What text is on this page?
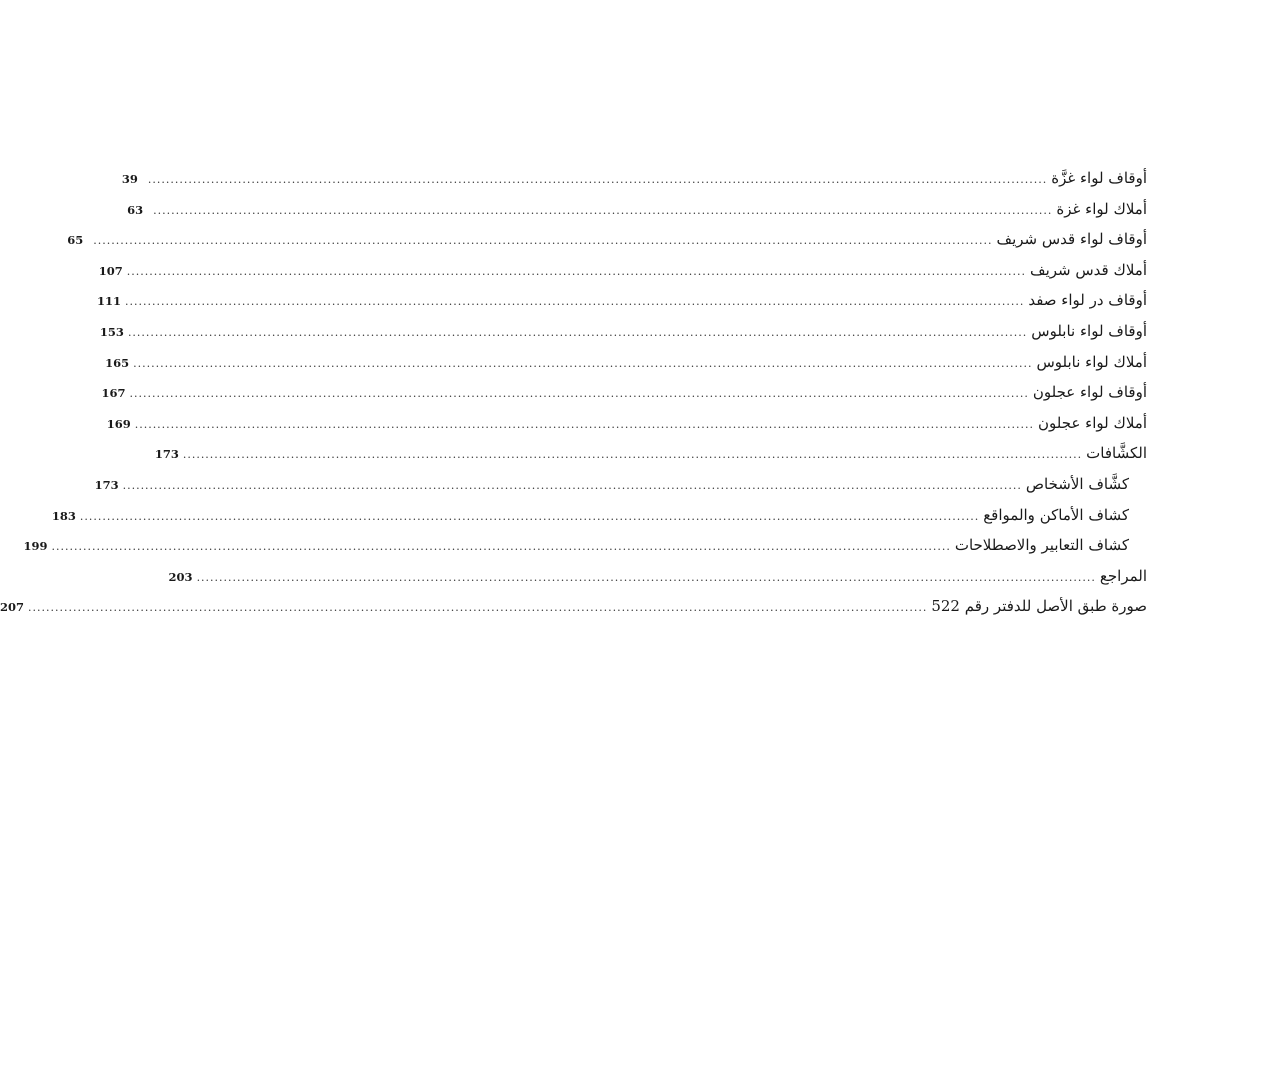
أوقاف لواء غزَّة
........................................................................................................................................................................................................
39
أملاك لواء غزة
........................................................................................................................................................................................................
63
أوقاف لواء قدس شريف
........................................................................................................................................................................................................
65
أملاك قدس شريف
........................................................................................................................................................................................................
107
أوقاف در لواء صفد
........................................................................................................................................................................................................
111
أوقاف لواء نابلوس
........................................................................................................................................................................................................
153
أملاك لواء نابلوس
........................................................................................................................................................................................................
165
أوقاف لواء عجلون
........................................................................................................................................................................................................
167
أملاك لواء عجلون
........................................................................................................................................................................................................
169
الكشَّافات
........................................................................................................................................................................................................
173
كشَّاف الأشخاص
........................................................................................................................................................................................................
173
كشاف الأماكن والمواقع
........................................................................................................................................................................................................
183
كشاف التعابير والاصطلاحات
........................................................................................................................................................................................................
199
المراجع
........................................................................................................................................................................................................
203
صورة طبق الأصل للدفتر رقم 522
........................................................................................................................................................................................................
207
